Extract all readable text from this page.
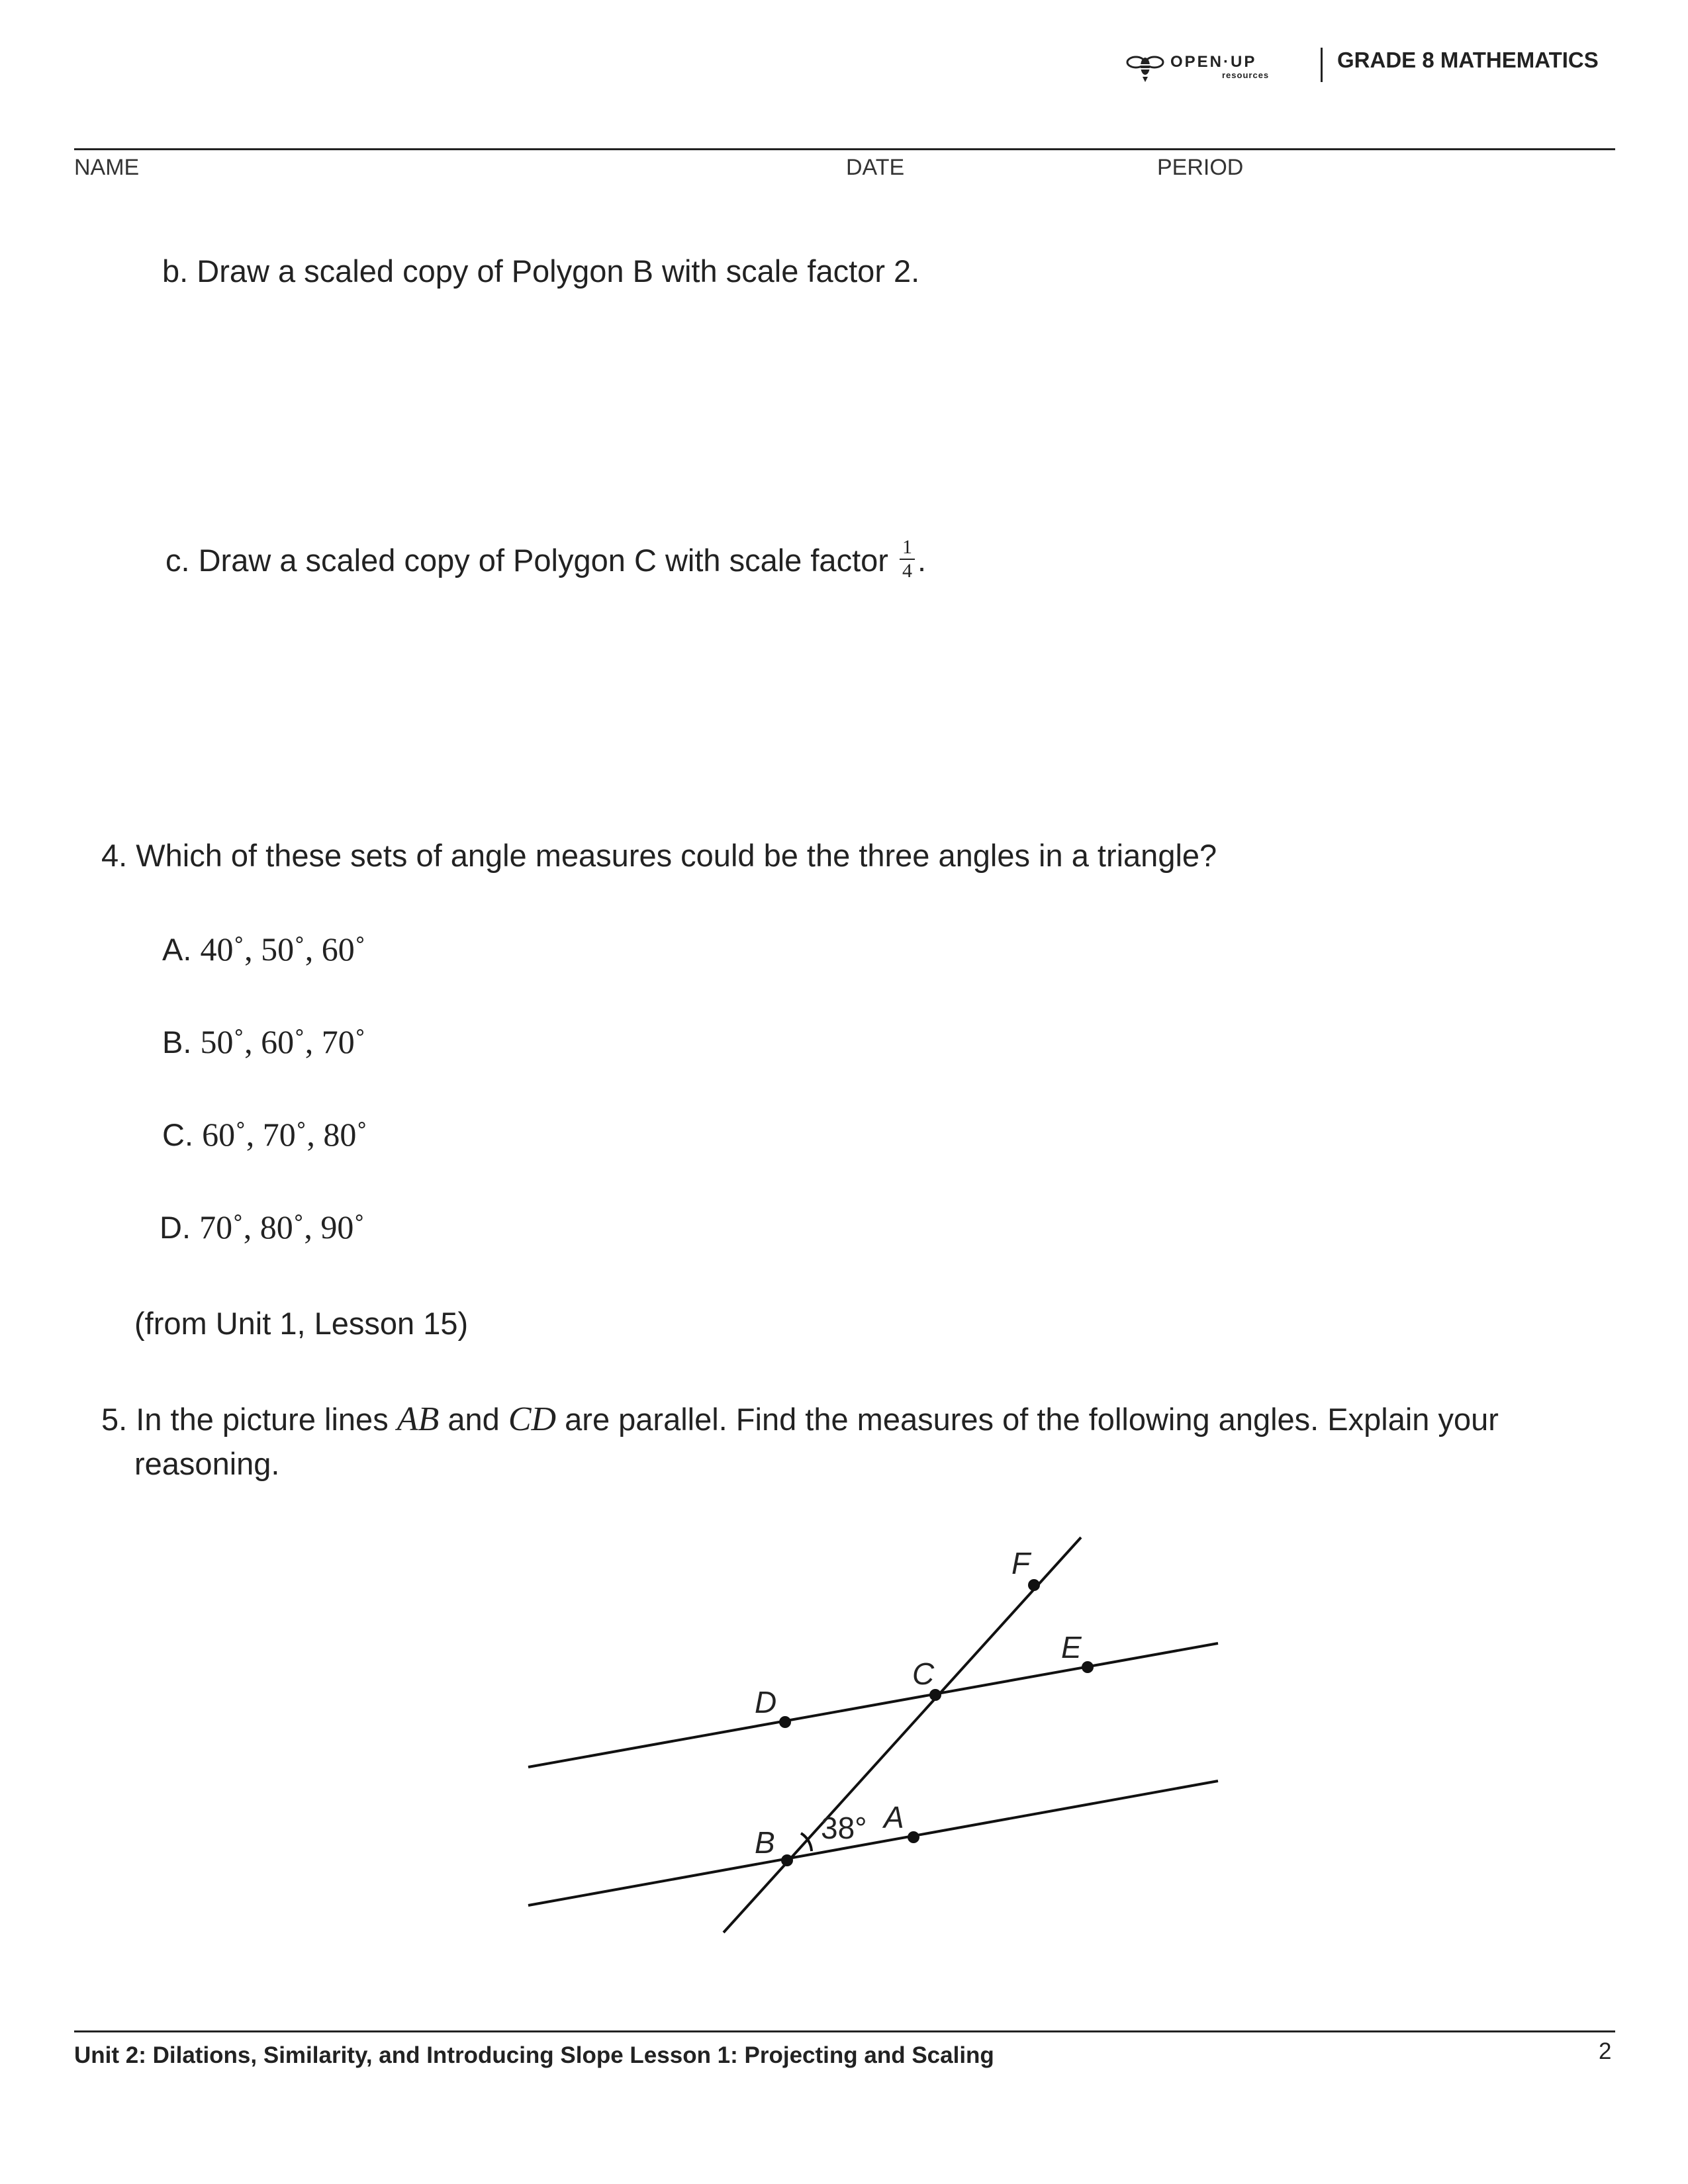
OPEN·UP
resources
GRADE 8 MATHEMATICS
NAME	DATE	PERIOD
b. Draw a scaled copy of Polygon B with scale factor 2.
c. Draw a scaled copy of Polygon C with scale factor $\frac{1}{4}$ .
4. Which of these sets of angle measures could be the three angles in a triangle?
A. 40˚, 50˚, 60˚
B. 50˚, 60˚, 70˚
C. 60˚, 70˚, 80˚
D. 70˚, 80˚, 90˚
(from Unit 1, Lesson 15)
5. In the picture lines AB and CD are parallel. Find the measures of the following angles. Explain your
reasoning.
F
E
C
D
B
A
38°
Unit 2: Dilations, Similarity, and Introducing Slope Lesson 1: Projecting and Scaling	2
